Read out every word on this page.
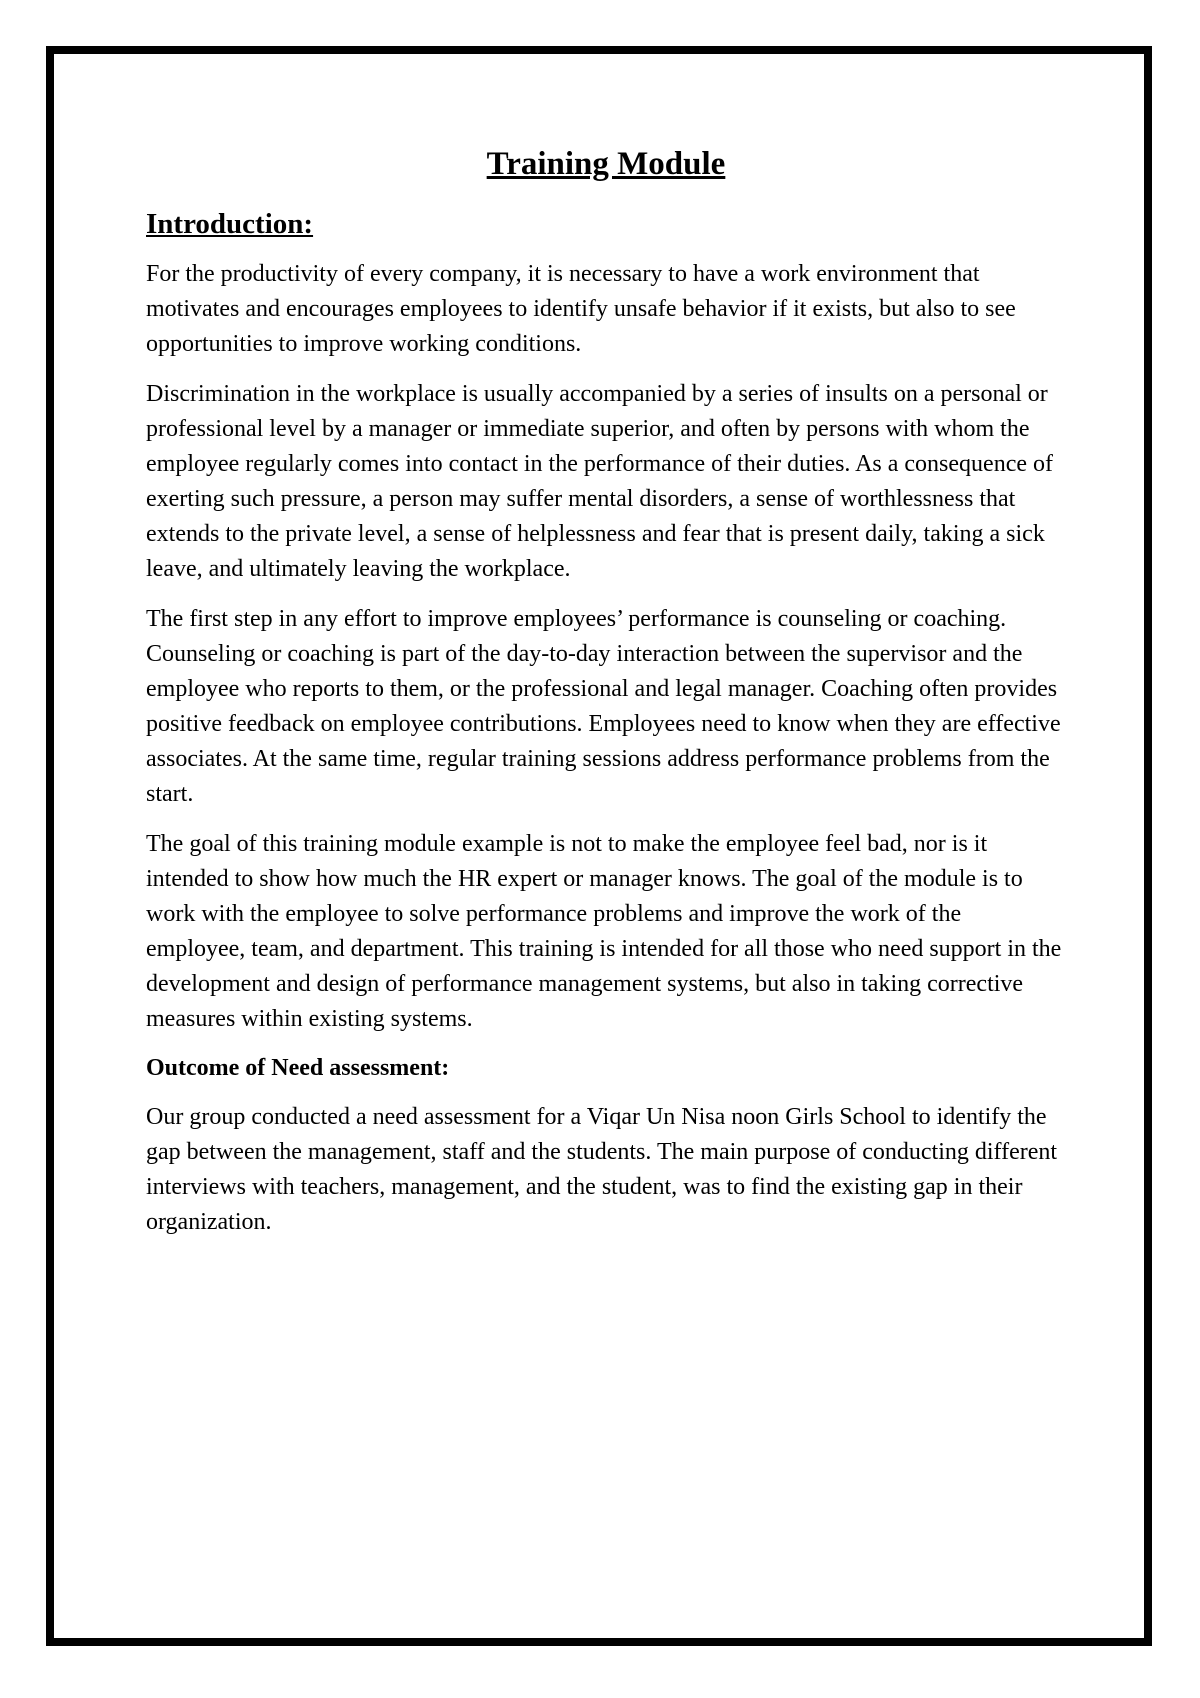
Training Module
Introduction:

For the productivity of every company, it is necessary to have a work environment that motivates and encourages employees to identify unsafe behavior if it exists, but also to see opportunities to improve working conditions.

Discrimination in the workplace is usually accompanied by a series of insults on a personal or professional level by a manager or immediate superior, and often by persons with whom the employee regularly comes into contact in the performance of their duties. As a consequence of exerting such pressure, a person may suffer mental disorders, a sense of worthlessness that extends to the private level, a sense of helplessness and fear that is present daily, taking a sick leave, and ultimately leaving the workplace.

The first step in any effort to improve employees’ performance is counseling or coaching. Counseling or coaching is part of the day-to-day interaction between the supervisor and the employee who reports to them, or the professional and legal manager. Coaching often provides positive feedback on employee contributions. Employees need to know when they are effective associates. At the same time, regular training sessions address performance problems from the start.

The goal of this training module example is not to make the employee feel bad, nor is it intended to show how much the HR expert or manager knows. The goal of the module is to work with the employee to solve performance problems and improve the work of the employee, team, and department. This training is intended for all those who need support in the development and design of performance management systems, but also in taking corrective measures within existing systems.

Outcome of Need assessment:

Our group conducted a need assessment for a Viqar Un Nisa noon Girls School to identify the gap between the management, staff and the students. The main purpose of conducting different interviews with teachers, management, and the student, was to find the existing gap in their organization.
